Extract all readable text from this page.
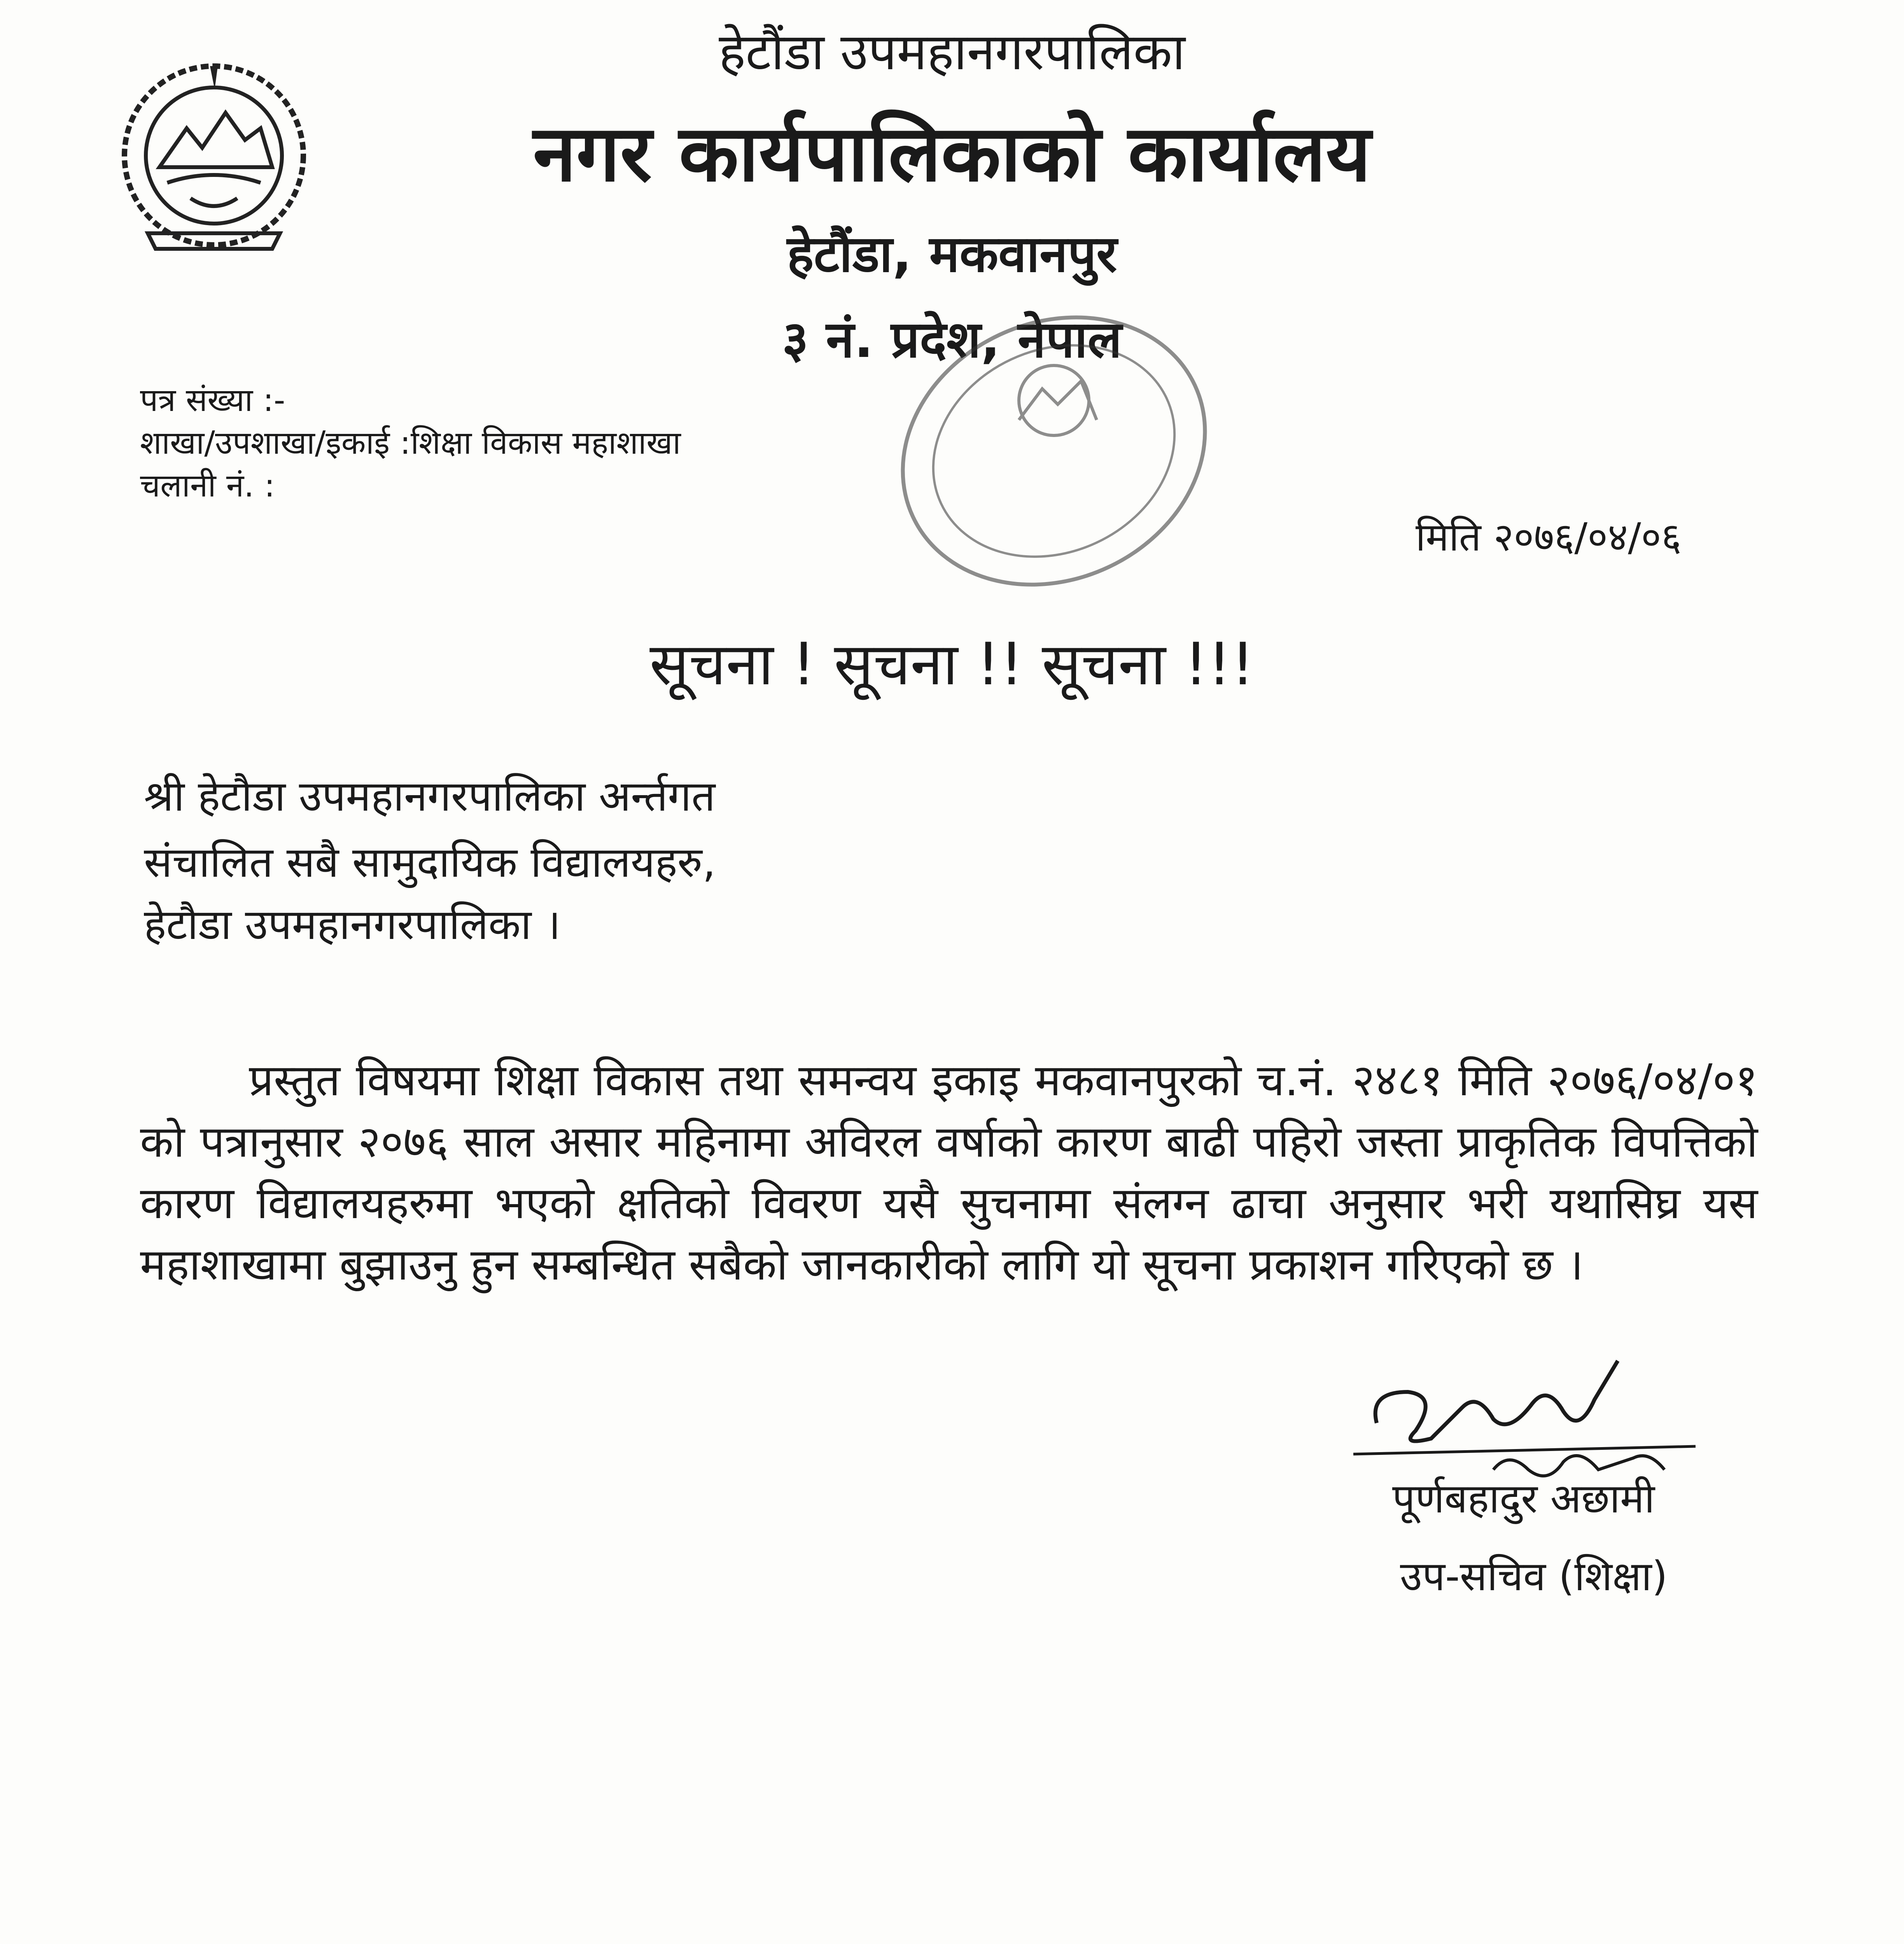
हेटौंडा उपमहानगरपालिका
नगर कार्यपालिकाको कार्यालय
हेटौंडा, मकवानपुर
३ नं. प्रदेश, नेपाल
पत्र संख्या :-
शाखा/उपशाखा/इकाई :शिक्षा विकास महाशाखा
चलानी नं. :
मिति २०७६/०४/०६
सूचना ! सूचना !! सूचना !!!
श्री हेटौडा उपमहानगरपालिका अर्न्तगत
संचालित सबै सामुदायिक विद्यालयहरु,
हेटौडा उपमहानगरपालिका ।
प्रस्तुत विषयमा शिक्षा विकास तथा समन्वय इकाइ मकवानपुरको च.नं. २४८१ मिति २०७६/०४/०१ को पत्रानुसार २०७६ साल असार महिनामा अविरल वर्षाको कारण बाढी पहिरो जस्ता प्राकृतिक विपत्तिको कारण विद्यालयहरुमा भएको क्षतिको विवरण यसै सुचनामा संलग्न ढाचा अनुसार भरी यथासिघ्र यस महाशाखामा बुझाउनु हुन सम्बन्धित सबैको जानकारीको लागि यो सूचना प्रकाशन गरिएको छ ।
पूर्णबहादुर अछामी
उप-सचिव (शिक्षा)
